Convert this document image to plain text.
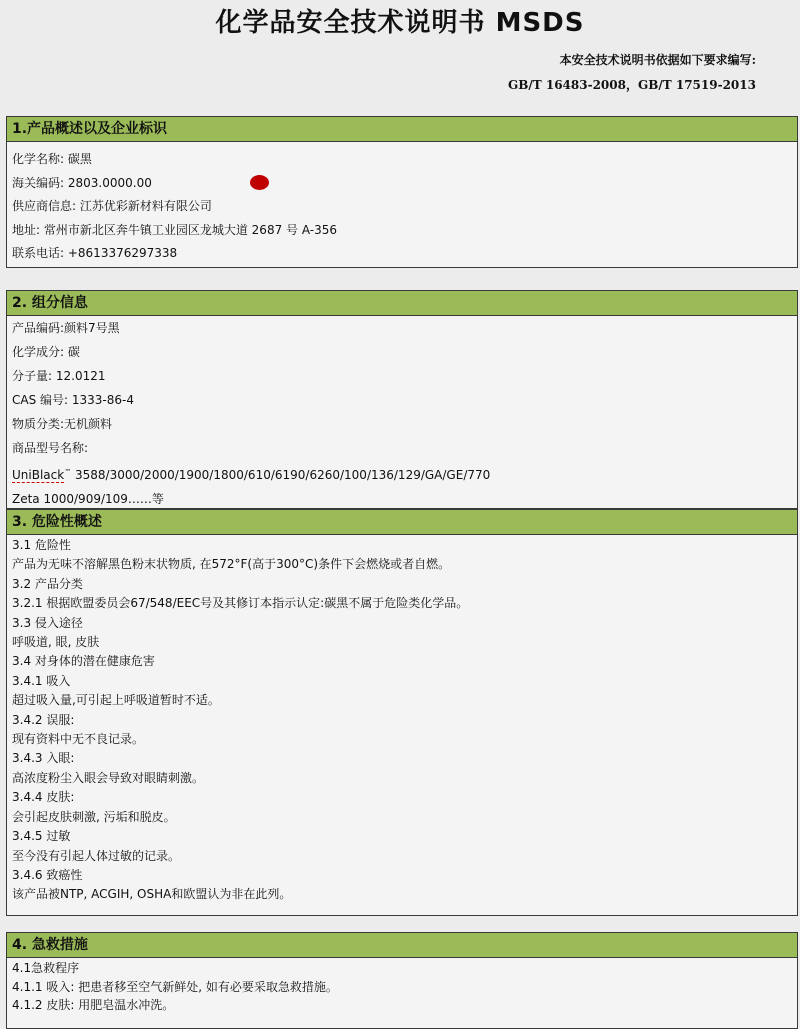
化学品安全技术说明书 MSDS
本安全技术说明书依据如下要求编写:
GB/T 16483-2008，GB/T 17519-2013
1.产品概述以及企业标识
化学名称: 碳黑
海关编码: 2803.0000.00
供应商信息: 江苏优彩新材料有限公司
地址: 常州市新北区奔牛镇工业园区龙城大道 2687 号 A-356
联系电话: +8613376297338
2. 组分信息
产品编码:颜料7号黑
化学成分: 碳
分子量: 12.0121
CAS 编号: 1333-86-4
物质分类:无机颜料
商品型号名称:
UniBlack™ 3588/3000/2000/1900/1800/610/6190/6260/100/136/129/GA/GE/770
Zeta 1000/909/109……等
3. 危险性概述
3.1 危险性
产品为无味不溶解黑色粉末状物质, 在572°F(高于300°C)条件下会燃烧或者自燃。
3.2 产品分类
3.2.1 根据欧盟委员会67/548/EEC号及其修订本指示认定:碳黑不属于危险类化学品。
3.3 侵入途径
呼吸道, 眼, 皮肤
3.4 对身体的潜在健康危害
3.4.1 吸入
超过吸入量,可引起上呼吸道暂时不适。
3.4.2 误服:
现有资料中无不良记录。
3.4.3 入眼:
高浓度粉尘入眼会导致对眼睛刺激。
3.4.4 皮肤:
会引起皮肤刺激, 污垢和脱皮。
3.4.5 过敏
至今没有引起人体过敏的记录。
3.4.6 致癌性
该产品被NTP, ACGIH, OSHA和欧盟认为非在此列。
4. 急救措施
4.1急救程序
4.1.1 吸入: 把患者移至空气新鲜处, 如有必要采取急救措施。
4.1.2 皮肤: 用肥皂温水冲洗。
